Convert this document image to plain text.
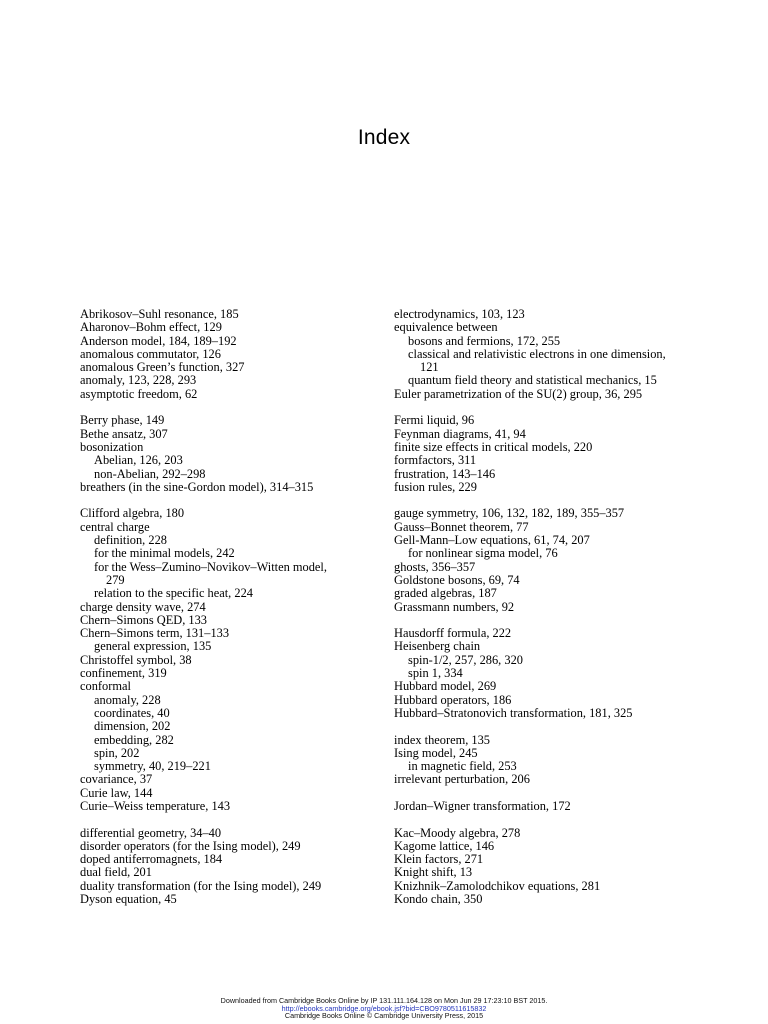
Index
Abrikosov–Suhl resonance, 185
Aharonov–Bohm effect, 129
Anderson model, 184, 189–192
anomalous commutator, 126
anomalous Green’s function, 327
anomaly, 123, 228, 293
asymptotic freedom, 62
Berry phase, 149
Bethe ansatz, 307
bosonization
Abelian, 126, 203
non-Abelian, 292–298
breathers (in the sine-Gordon model), 314–315
Clifford algebra, 180
central charge
definition, 228
for the minimal models, 242
for the Wess–Zumino–Novikov–Witten model,
279
relation to the specific heat, 224
charge density wave, 274
Chern–Simons QED, 133
Chern–Simons term, 131–133
general expression, 135
Christoffel symbol, 38
confinement, 319
conformal
anomaly, 228
coordinates, 40
dimension, 202
embedding, 282
spin, 202
symmetry, 40, 219–221
covariance, 37
Curie law, 144
Curie–Weiss temperature, 143
differential geometry, 34–40
disorder operators (for the Ising model), 249
doped antiferromagnets, 184
dual field, 201
duality transformation (for the Ising model), 249
Dyson equation, 45
electrodynamics, 103, 123
equivalence between
bosons and fermions, 172, 255
classical and relativistic electrons in one dimension,
121
quantum field theory and statistical mechanics, 15
Euler parametrization of the SU(2) group, 36, 295
Fermi liquid, 96
Feynman diagrams, 41, 94
finite size effects in critical models, 220
formfactors, 311
frustration, 143–146
fusion rules, 229
gauge symmetry, 106, 132, 182, 189, 355–357
Gauss–Bonnet theorem, 77
Gell-Mann–Low equations, 61, 74, 207
for nonlinear sigma model, 76
ghosts, 356–357
Goldstone bosons, 69, 74
graded algebras, 187
Grassmann numbers, 92
Hausdorff formula, 222
Heisenberg chain
spin-1/2, 257, 286, 320
spin 1, 334
Hubbard model, 269
Hubbard operators, 186
Hubbard–Stratonovich transformation, 181, 325
index theorem, 135
Ising model, 245
in magnetic field, 253
irrelevant perturbation, 206
Jordan–Wigner transformation, 172
Kac–Moody algebra, 278
Kagome lattice, 146
Klein factors, 271
Knight shift, 13
Knizhnik–Zamolodchikov equations, 281
Kondo chain, 350
Downloaded from Cambridge Books Online by IP 131.111.164.128 on Mon Jun 29 17:23:10 BST 2015.
http://ebooks.cambridge.org/ebook.jsf?bid=CBO9780511615832
Cambridge Books Online © Cambridge University Press, 2015
